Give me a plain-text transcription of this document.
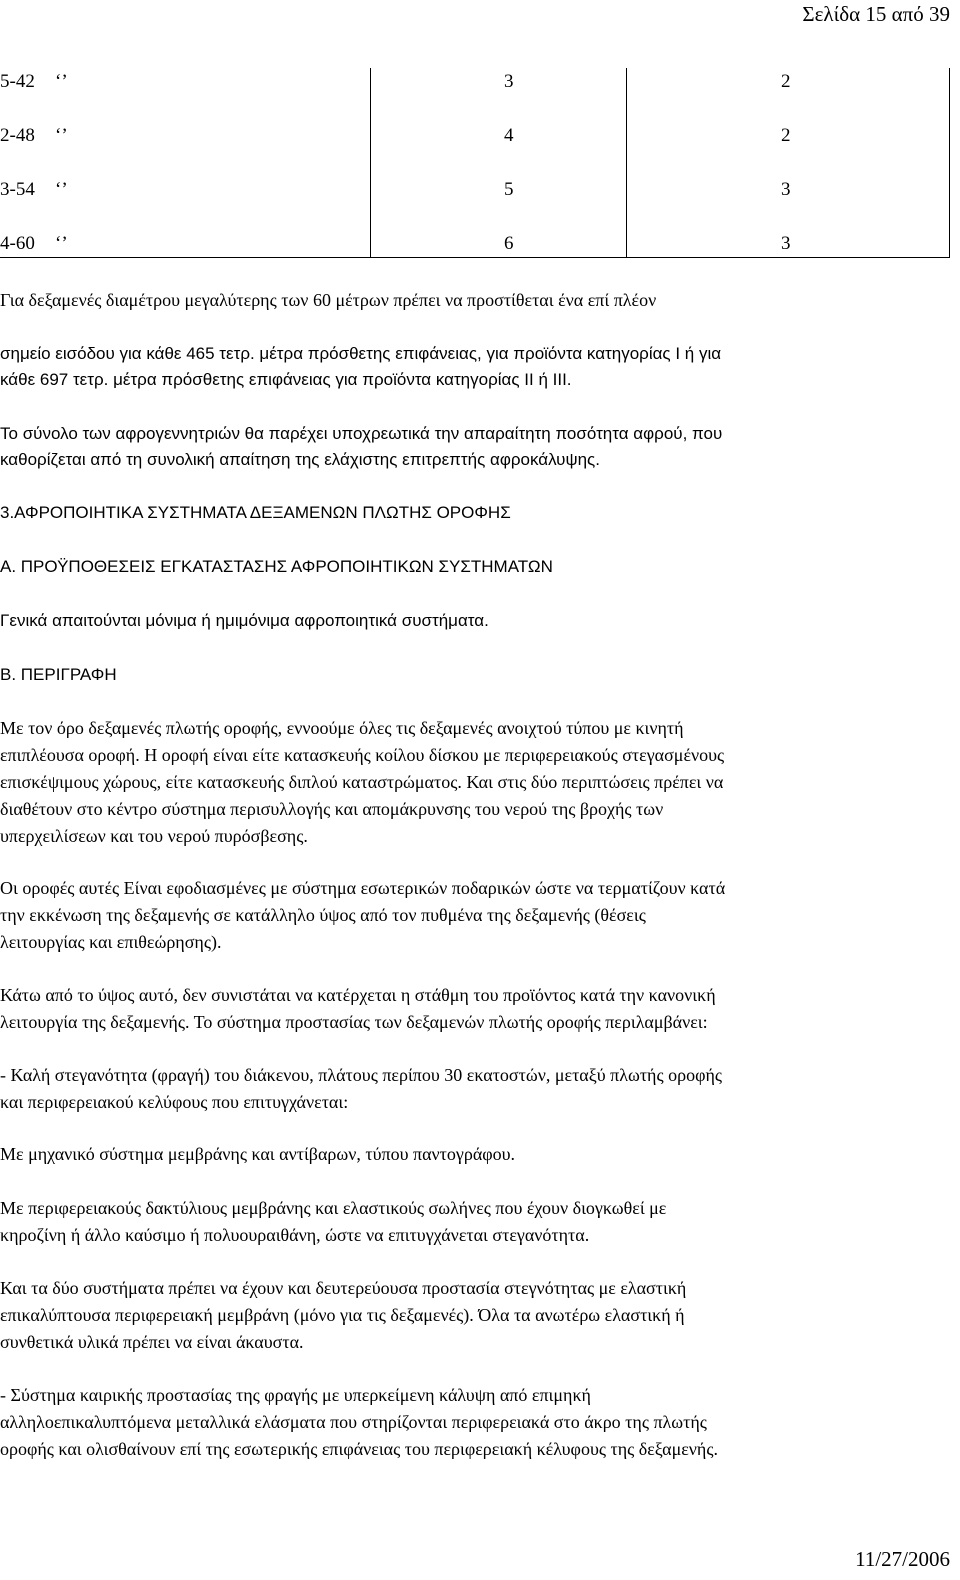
Σελίδα 15 από 39
5-42 ‘’	3	2
2-48 ‘’	4	2
3-54 ‘’	5	3
4-60 ‘’	6	3
Για δεξαμενές διαμέτρου μεγαλύτερης των 60 μέτρων πρέπει να προστίθεται ένα επί πλέον
σημείο εισόδου για κάθε 465 τετρ. μέτρα πρόσθετης επιφάνειας, για προϊόντα κατηγορίας I ή για
κάθε 697 τετρ. μέτρα πρόσθετης επιφάνειας για προϊόντα κατηγορίας II ή III.
Το σύνολο των αφρογεννητριών θα παρέχει υποχρεωτικά την απαραίτητη ποσότητα αφρού, που
καθορίζεται από τη συνολική απαίτηση της ελάχιστης επιτρεπτής αφροκάλυψης.
3.ΑΦΡΟΠΟΙΗΤΙΚΑ ΣΥΣΤΗΜΑΤΑ ΔΕΞΑΜΕΝΩΝ ΠΛΩΤΗΣ ΟΡΟΦΗΣ
Α. ΠΡΟΫΠΟΘΕΣΕΙΣ ΕΓΚΑΤΑΣΤΑΣΗΣ ΑΦΡΟΠΟΙΗΤΙΚΩΝ ΣΥΣΤΗΜΑΤΩΝ
Γενικά απαιτούνται μόνιμα ή ημιμόνιμα αφροποιητικά συστήματα.
Β. ΠΕΡΙΓΡΑΦΗ
Με τον όρο δεξαμενές πλωτής οροφής, εννοούμε όλες τις δεξαμενές ανοιχτού τύπου με κινητή
επιπλέουσα οροφή. Η οροφή είναι είτε κατασκευής κοίλου δίσκου με περιφερειακούς στεγασμένους
επισκέψιμους χώρους, είτε κατασκευής διπλού καταστρώματος. Και στις δύο περιπτώσεις πρέπει να
διαθέτουν στο κέντρο σύστημα περισυλλογής και απομάκρυνσης του νερού της βροχής των
υπερχειλίσεων και του νερού πυρόσβεσης.
Οι οροφές αυτές Είναι εφοδιασμένες με σύστημα εσωτερικών ποδαρικών ώστε να τερματίζουν κατά
την εκκένωση της δεξαμενής σε κατάλληλο ύψος από τον πυθμένα της δεξαμενής (θέσεις
λειτουργίας και επιθεώρησης).
Κάτω από το ύψος αυτό, δεν συνιστάται να κατέρχεται η στάθμη του προϊόντος κατά την κανονική
λειτουργία της δεξαμενής. Το σύστημα προστασίας των δεξαμενών πλωτής οροφής περιλαμβάνει:
- Καλή στεγανότητα (φραγή) του διάκενου, πλάτους περίπου 30 εκατοστών, μεταξύ πλωτής οροφής
και περιφερειακού κελύφους που επιτυγχάνεται:
Με μηχανικό σύστημα μεμβράνης και αντίβαρων, τύπου παντογράφου.
Με περιφερειακούς δακτύλιους μεμβράνης και ελαστικούς σωλήνες που έχουν διογκωθεί με
κηροζίνη ή άλλο καύσιμο ή πολυουραιθάνη, ώστε να επιτυγχάνεται στεγανότητα.
Και τα δύο συστήματα πρέπει να έχουν και δευτερεύουσα προστασία στεγνότητας με ελαστική
επικαλύπτουσα περιφερειακή μεμβράνη (μόνο για τις δεξαμενές). Όλα τα ανωτέρω ελαστική ή
συνθετικά υλικά πρέπει να είναι άκαυστα.
- Σύστημα καιρικής προστασίας της φραγής με υπερκείμενη κάλυψη από επιμηκή
αλληλοεπικαλυπτόμενα μεταλλικά ελάσματα που στηρίζονται περιφερειακά στο άκρο της πλωτής
οροφής και ολισθαίνουν επί της εσωτερικής επιφάνειας του περιφερειακή κέλυφους της δεξαμενής.
11/27/2006
